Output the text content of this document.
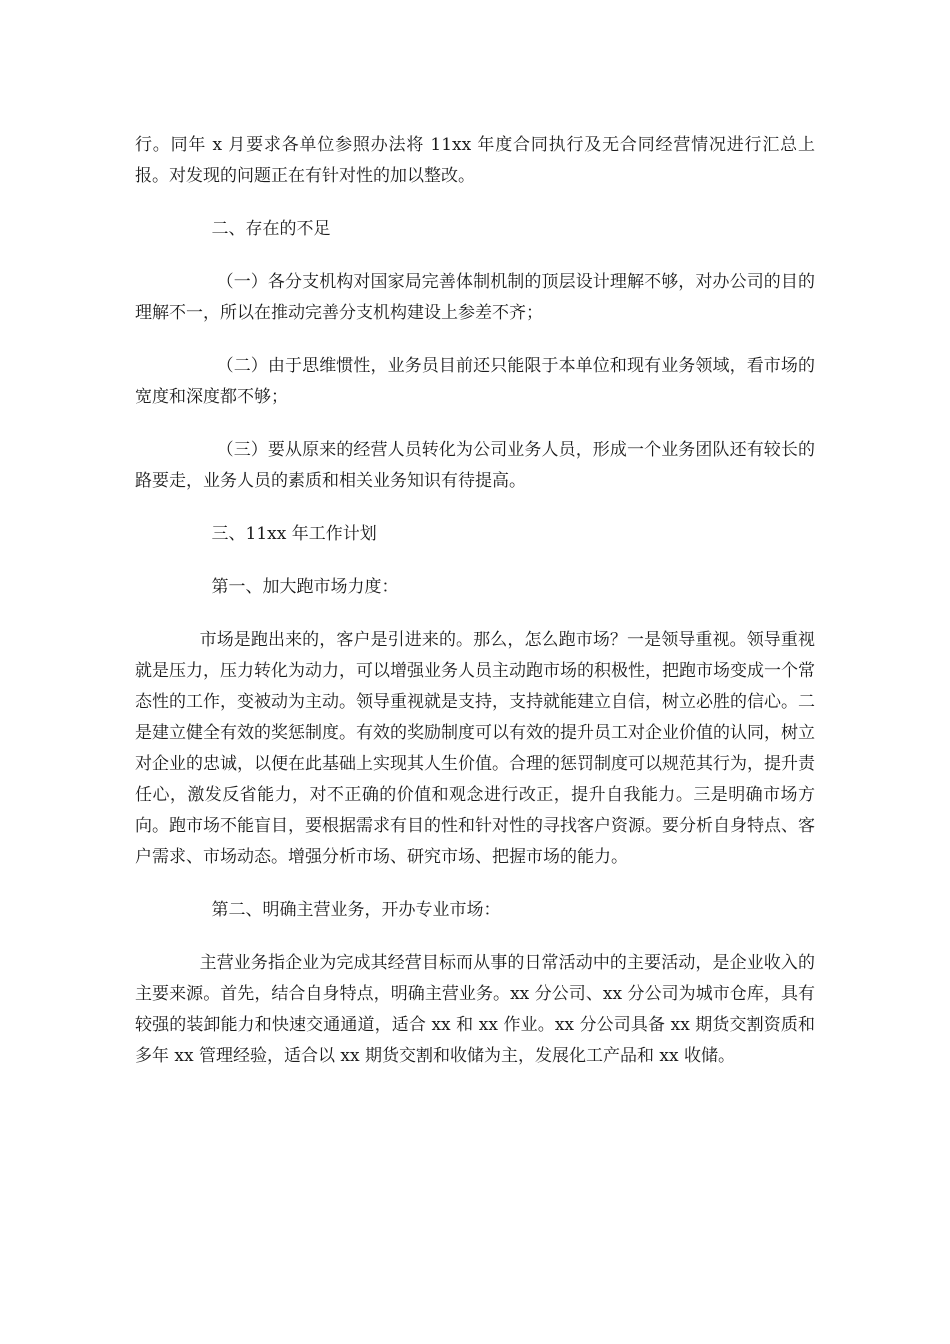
行。同年 x 月要求各单位参照办法将 11xx 年度合同执行及无合同经营情况进行汇总上报。对发现的问题正在有针对性的加以整改。

二、存在的不足

（一）各分支机构对国家局完善体制机制的顶层设计理解不够，对办公司的目的理解不一，所以在推动完善分支机构建设上参差不齐；

（二）由于思维惯性，业务员目前还只能限于本单位和现有业务领域，看市场的宽度和深度都不够；

（三）要从原来的经营人员转化为公司业务人员，形成一个业务团队还有较长的路要走，业务人员的素质和相关业务知识有待提高。

三、11xx 年工作计划

第一、加大跑市场力度：

市场是跑出来的，客户是引进来的。那么，怎么跑市场？一是领导重视。领导重视就是压力，压力转化为动力，可以增强业务人员主动跑市场的积极性，把跑市场变成一个常态性的工作，变被动为主动。领导重视就是支持，支持就能建立自信，树立必胜的信心。二是建立健全有效的奖惩制度。有效的奖励制度可以有效的提升员工对企业价值的认同，树立对企业的忠诚，以便在此基础上实现其人生价值。合理的惩罚制度可以规范其行为，提升责任心，激发反省能力，对不正确的价值和观念进行改正，提升自我能力。三是明确市场方向。跑市场不能盲目，要根据需求有目的性和针对性的寻找客户资源。要分析自身特点、客户需求、市场动态。增强分析市场、研究市场、把握市场的能力。

第二、明确主营业务，开办专业市场：

主营业务指企业为完成其经营目标而从事的日常活动中的主要活动，是企业收入的主要来源。首先，结合自身特点，明确主营业务。xx 分公司、xx 分公司为城市仓库，具有较强的装卸能力和快速交通通道，适合 xx 和 xx 作业。xx 分公司具备 xx 期货交割资质和多年 xx 管理经验，适合以 xx 期货交割和收储为主，发展化工产品和 xx 收储。
